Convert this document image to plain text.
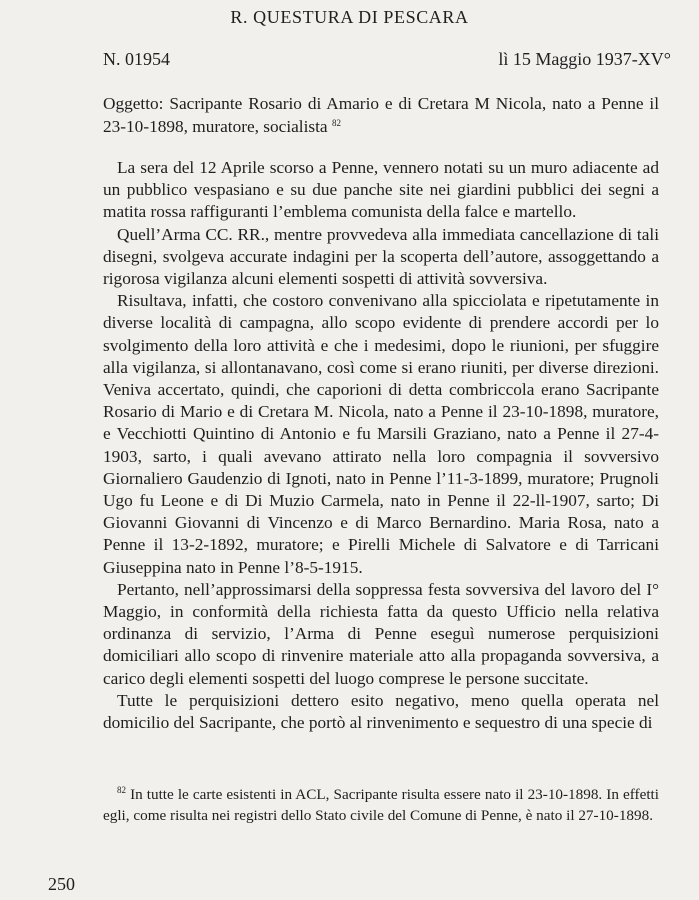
R. QUESTURA DI PESCARA
N. 01954	lì 15 Maggio 1937-XV°
Oggetto: Sacripante Rosario di Amario e di Cretara M Nicola, nato a Penne il 23-10-1898, muratore, socialista $^{82}$

La sera del 12 Aprile scorso a Penne, vennero notati su un muro adiacente ad un pubblico vespasiano e su due panche site nei giardini pubblici dei segni a matita rossa raffiguranti l’emblema comunista della falce e martello.

Quell’Arma CC. RR., mentre provvedeva alla immediata cancellazione di tali disegni, svolgeva accurate indagini per la scoperta dell’autore, assoggettando a rigorosa vigilanza alcuni elementi sospetti di attività sovversiva.

Risultava, infatti, che costoro convenivano alla spicciolata e ripetutamente in diverse località di campagna, allo scopo evidente di prendere accordi per lo svolgimento della loro attività e che i medesimi, dopo le riunioni, per sfuggire alla vigilanza, si allontanavano, così come si erano riuniti, per diverse direzioni. Veniva accertato, quindi, che caporioni di detta combriccola erano Sacripante Rosario di Mario e di Cretara M. Nicola, nato a Penne il 23-10-1898, muratore, e Vecchiotti Quintino di Antonio e fu Marsili Graziano, nato a Penne il 27-4-1903, sarto, i quali avevano attirato nella loro compagnia il sovversivo Giornaliero Gaudenzio di Ignoti, nato in Penne l’11-3-1899, muratore; Prugnoli Ugo fu Leone e di Di Muzio Carmela, nato in Penne il 22-ll-1907, sarto; Di Giovanni Giovanni di Vincenzo e di Marco Bernardino. Maria Rosa, nato a Penne il 13-2-1892, muratore; e Pirelli Michele di Salvatore e di Tarricani Giuseppina nato in Penne l’8-5-1915.

Pertanto, nell’approssimarsi della soppressa festa sovversiva del lavoro del I° Maggio, in conformità della richiesta fatta da questo Ufficio nella relativa ordinanza di servizio, l’Arma di Penne eseguì numerose perquisizioni domiciliari allo scopo di rinvenire materiale atto alla propaganda sovversiva, a carico degli elementi sospetti del luogo comprese le persone succitate.

Tutte le perquisizioni dettero esito negativo, meno quella operata nel domicilio del Sacripante, che portò al rinvenimento e sequestro di una specie di

$^{82}$ In tutte le carte esistenti in ACL, Sacripante risulta essere nato il 23-10-1898. In effetti egli, come risulta nei registri dello Stato civile del Comune di Penne, è nato il 27-10-1898.

250
